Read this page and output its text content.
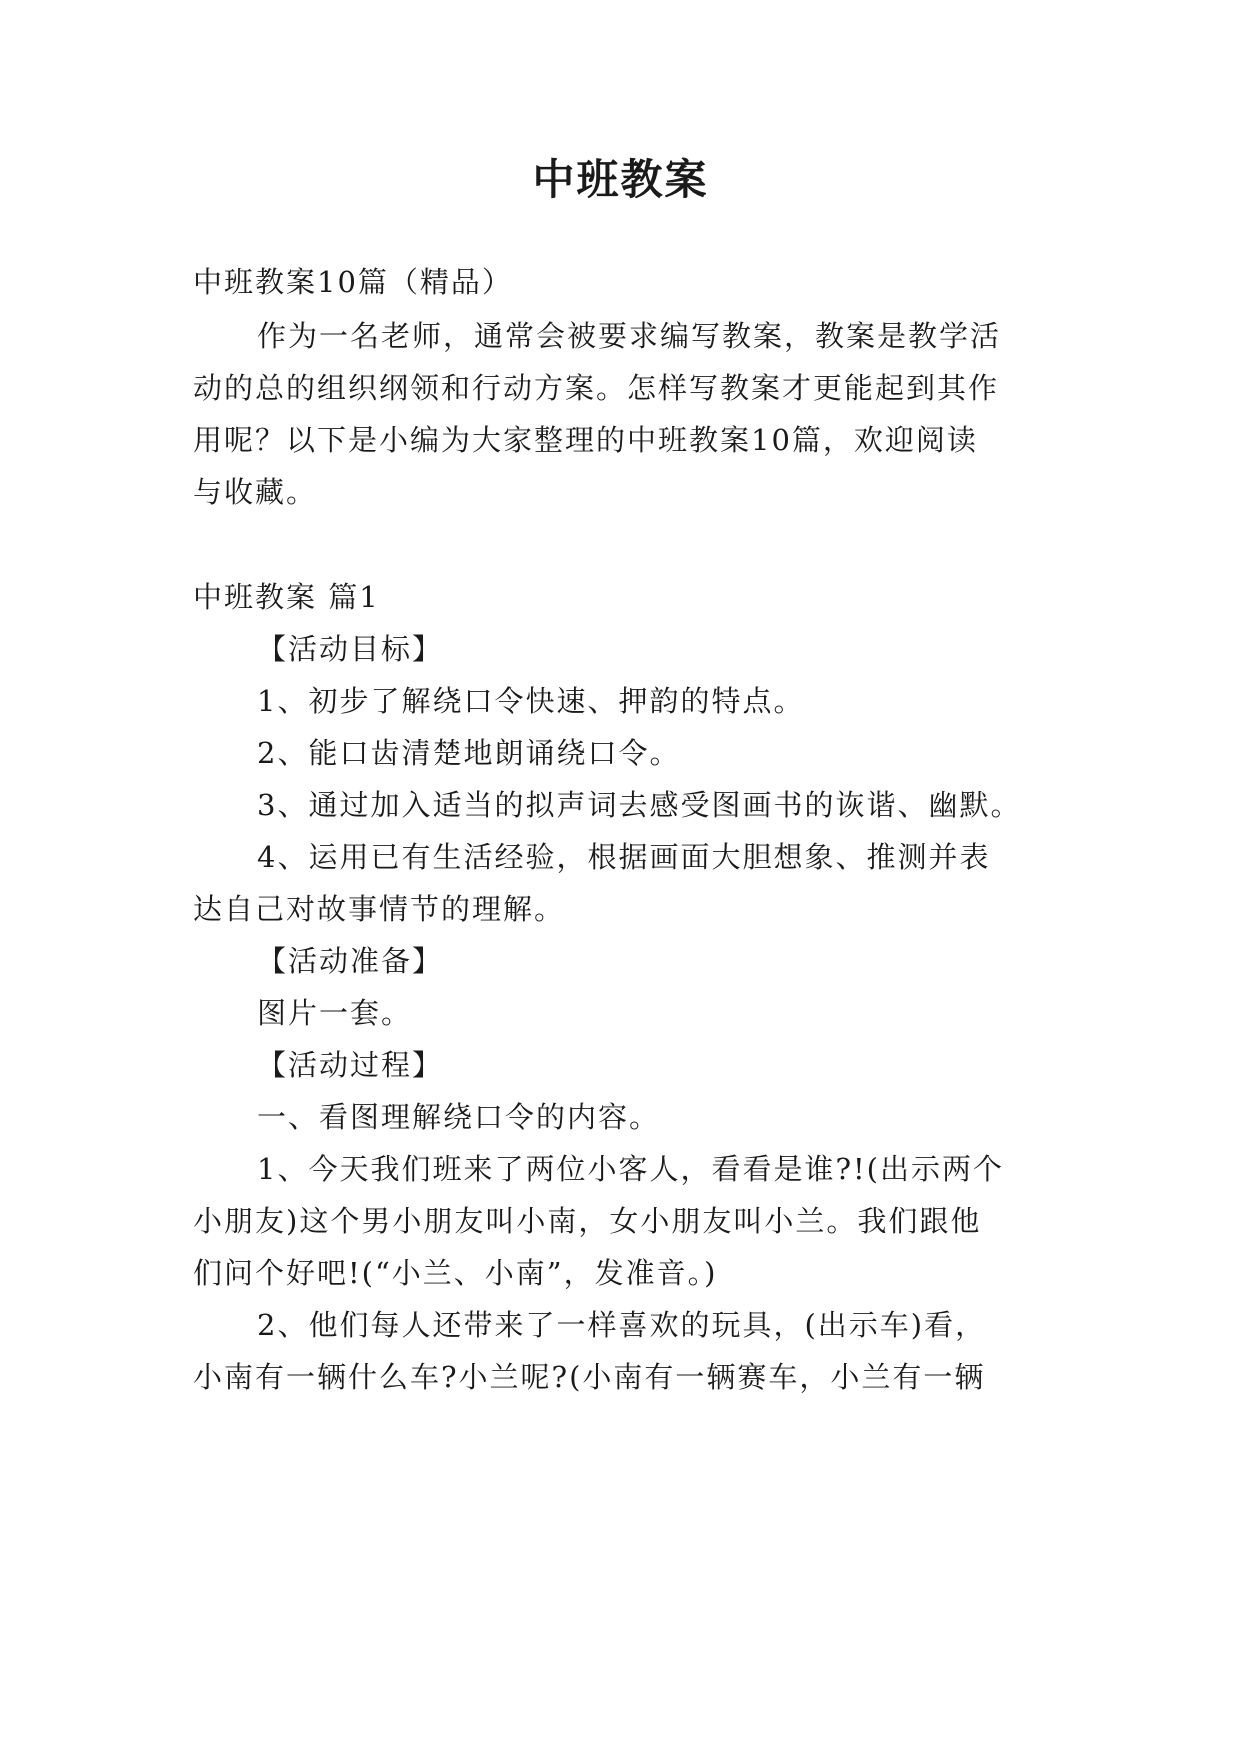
中班教案
中班教案10篇（精品）
作为一名老师，通常会被要求编写教案，教案是教学活
动的总的组织纲领和行动方案。怎样写教案才更能起到其作
用呢？以下是小编为大家整理的中班教案10篇，欢迎阅读
与收藏。
中班教案 篇1
【活动目标】
1、初步了解绕口令快速、押韵的特点。
2、能口齿清楚地朗诵绕口令。
3、通过加入适当的拟声词去感受图画书的诙谐、幽默。
4、运用已有生活经验，根据画面大胆想象、推测并表
达自己对故事情节的理解。
【活动准备】
图片一套。
【活动过程】
一、看图理解绕口令的内容。
1、今天我们班来了两位小客人，看看是谁?!(出示两个
小朋友)这个男小朋友叫小南，女小朋友叫小兰。我们跟他
们问个好吧!(“小兰、小南”，发准音。)
2、他们每人还带来了一样喜欢的玩具，(出示车)看，
小南有一辆什么车?小兰呢?(小南有一辆赛车，小兰有一辆
